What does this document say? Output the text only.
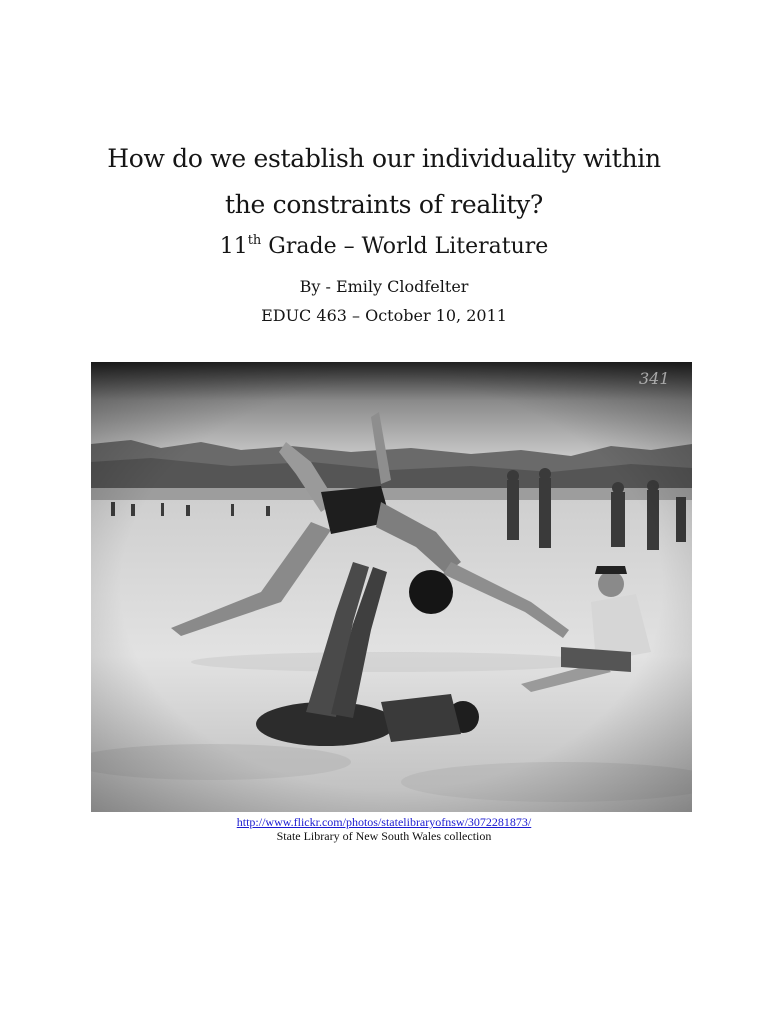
How do we establish our individuality within
the constraints of reality?
11th Grade – World Literature
By - Emily Clodfelter
EDUC 463 – October 10, 2011
http://www.flickr.com/photos/statelibraryofnsw/3072281873/
State Library of New South Wales collection
